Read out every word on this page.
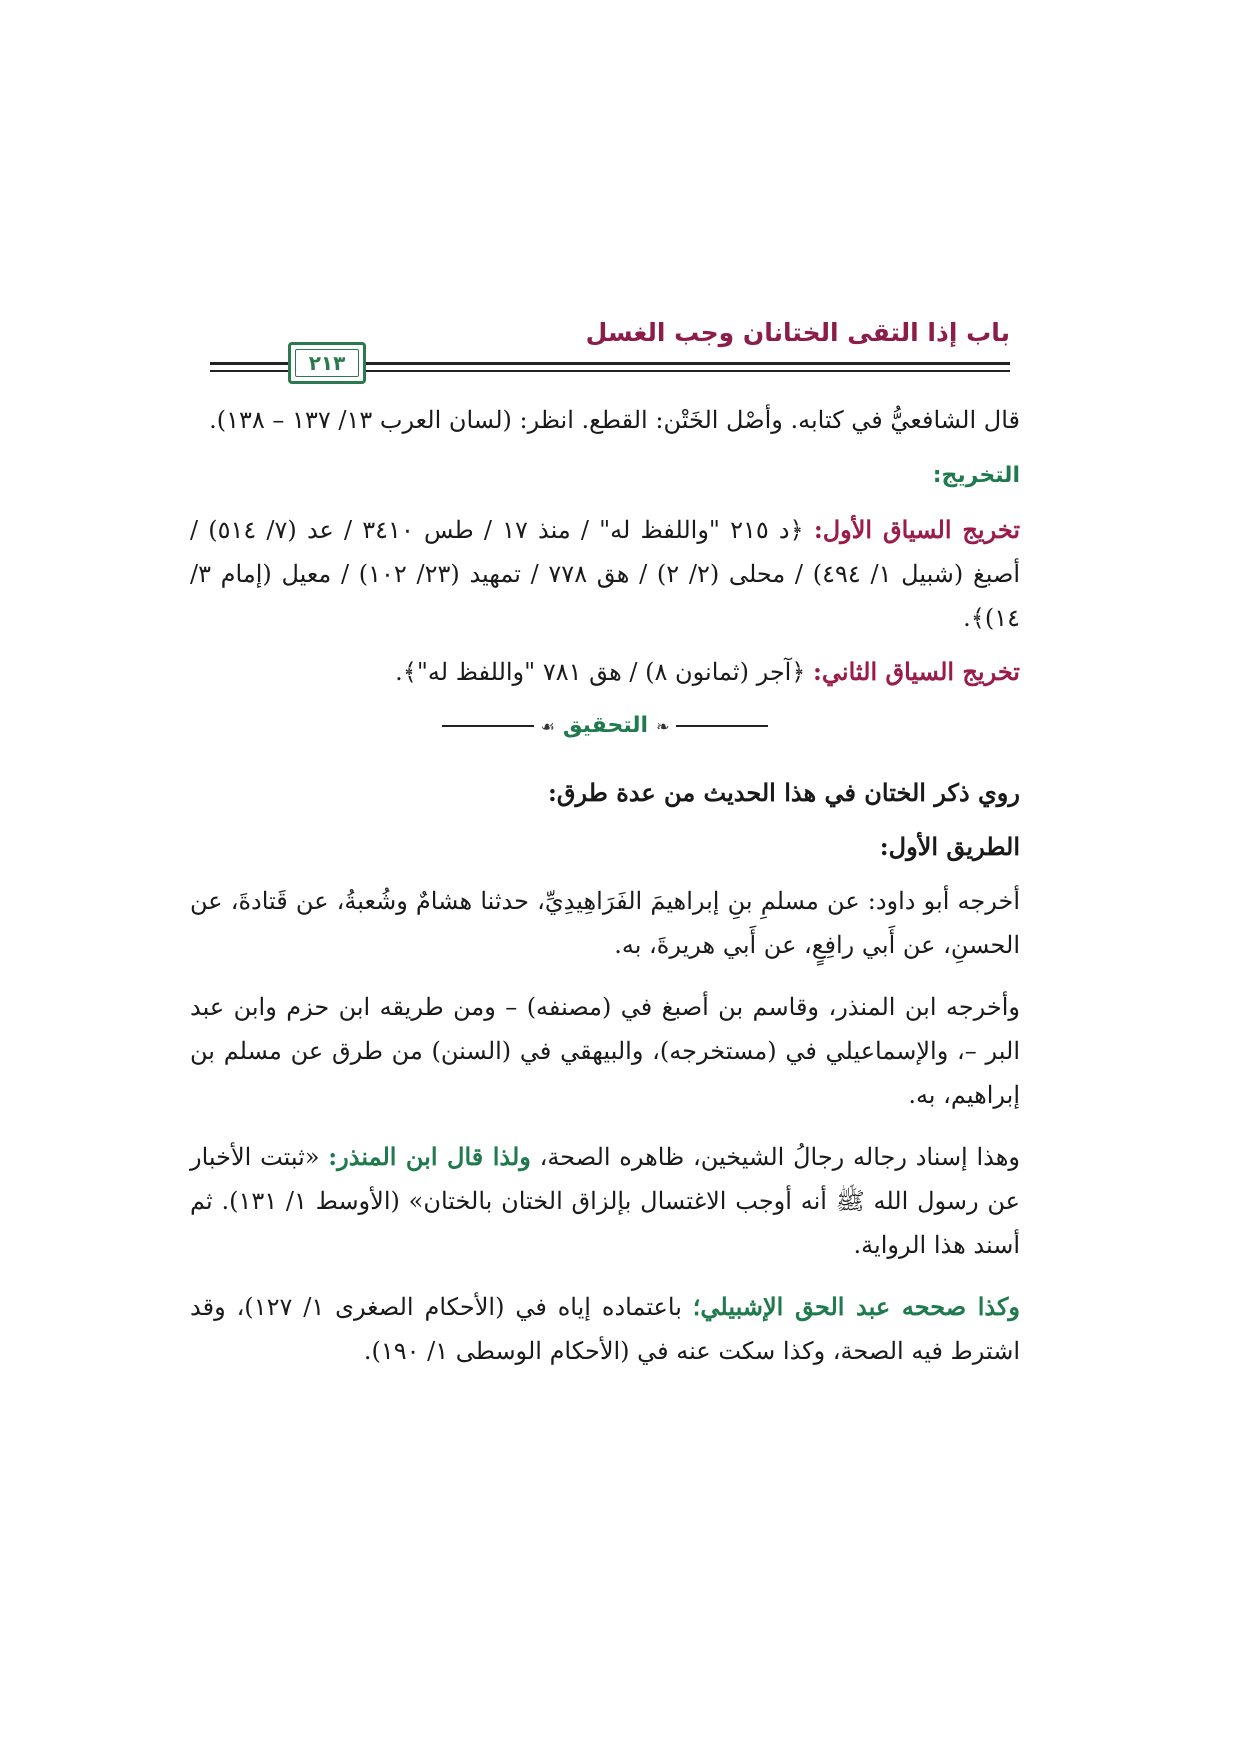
باب إذا التقى الختانان وجب الغسل
٢١٣

قال الشافعيُّ في كتابه. وأصْل الخَتْن: القطع. انظر: (لسان العرب ١٣/ ١٣٧ – ١٣٨).

التخريج:

تخريج السياق الأول: ﴿د ٢١٥ "واللفظ له" / منذ ١٧ / طس ٣٤١٠ / عد (٧/ ٥١٤) / أصبغ (شبيل ١/ ٤٩٤) / محلى (٢/ ٢) / هق ٧٧٨ / تمهيد (٢٣/ ١٠٢) / معيل (إمام ٣/ ١٤)﴾.

تخريج السياق الثاني: ﴿آجر (ثمانون ٨) / هق ٧٨١ "واللفظ له"﴾.

❧التحقيق☙

روي ذكر الختان في هذا الحديث من عدة طرق:

الطريق الأول:

أخرجه أبو داود: عن مسلمِ بنِ إبراهيمَ الفَرَاهِيدِيِّ، حدثنا هشامٌ وشُعبةُ، عن قَتادةَ، عن الحسنِ، عن أَبي رافِعٍ، عن أَبي هريرةَ، به.

وأخرجه ابن المنذر، وقاسم بن أصبغ في (مصنفه) – ومن طريقه ابن حزم وابن عبد البر –، والإسماعيلي في (مستخرجه)، والبيهقي في (السنن) من طرق عن مسلم بن إبراهيم، به.

وهذا إسناد رجاله رجالُ الشيخين، ظاهره الصحة، ولذا قال ابن المنذر: «ثبتت الأخبار عن رسول الله ﷺ أنه أوجب الاغتسال بإلزاق الختان بالختان» (الأوسط ١/ ١٣١). ثم أسند هذا الرواية.

وكذا صححه عبد الحق الإشبيلي؛ باعتماده إياه في (الأحكام الصغرى ١/ ١٢٧)، وقد اشترط فيه الصحة، وكذا سكت عنه في (الأحكام الوسطى ١/ ١٩٠).
